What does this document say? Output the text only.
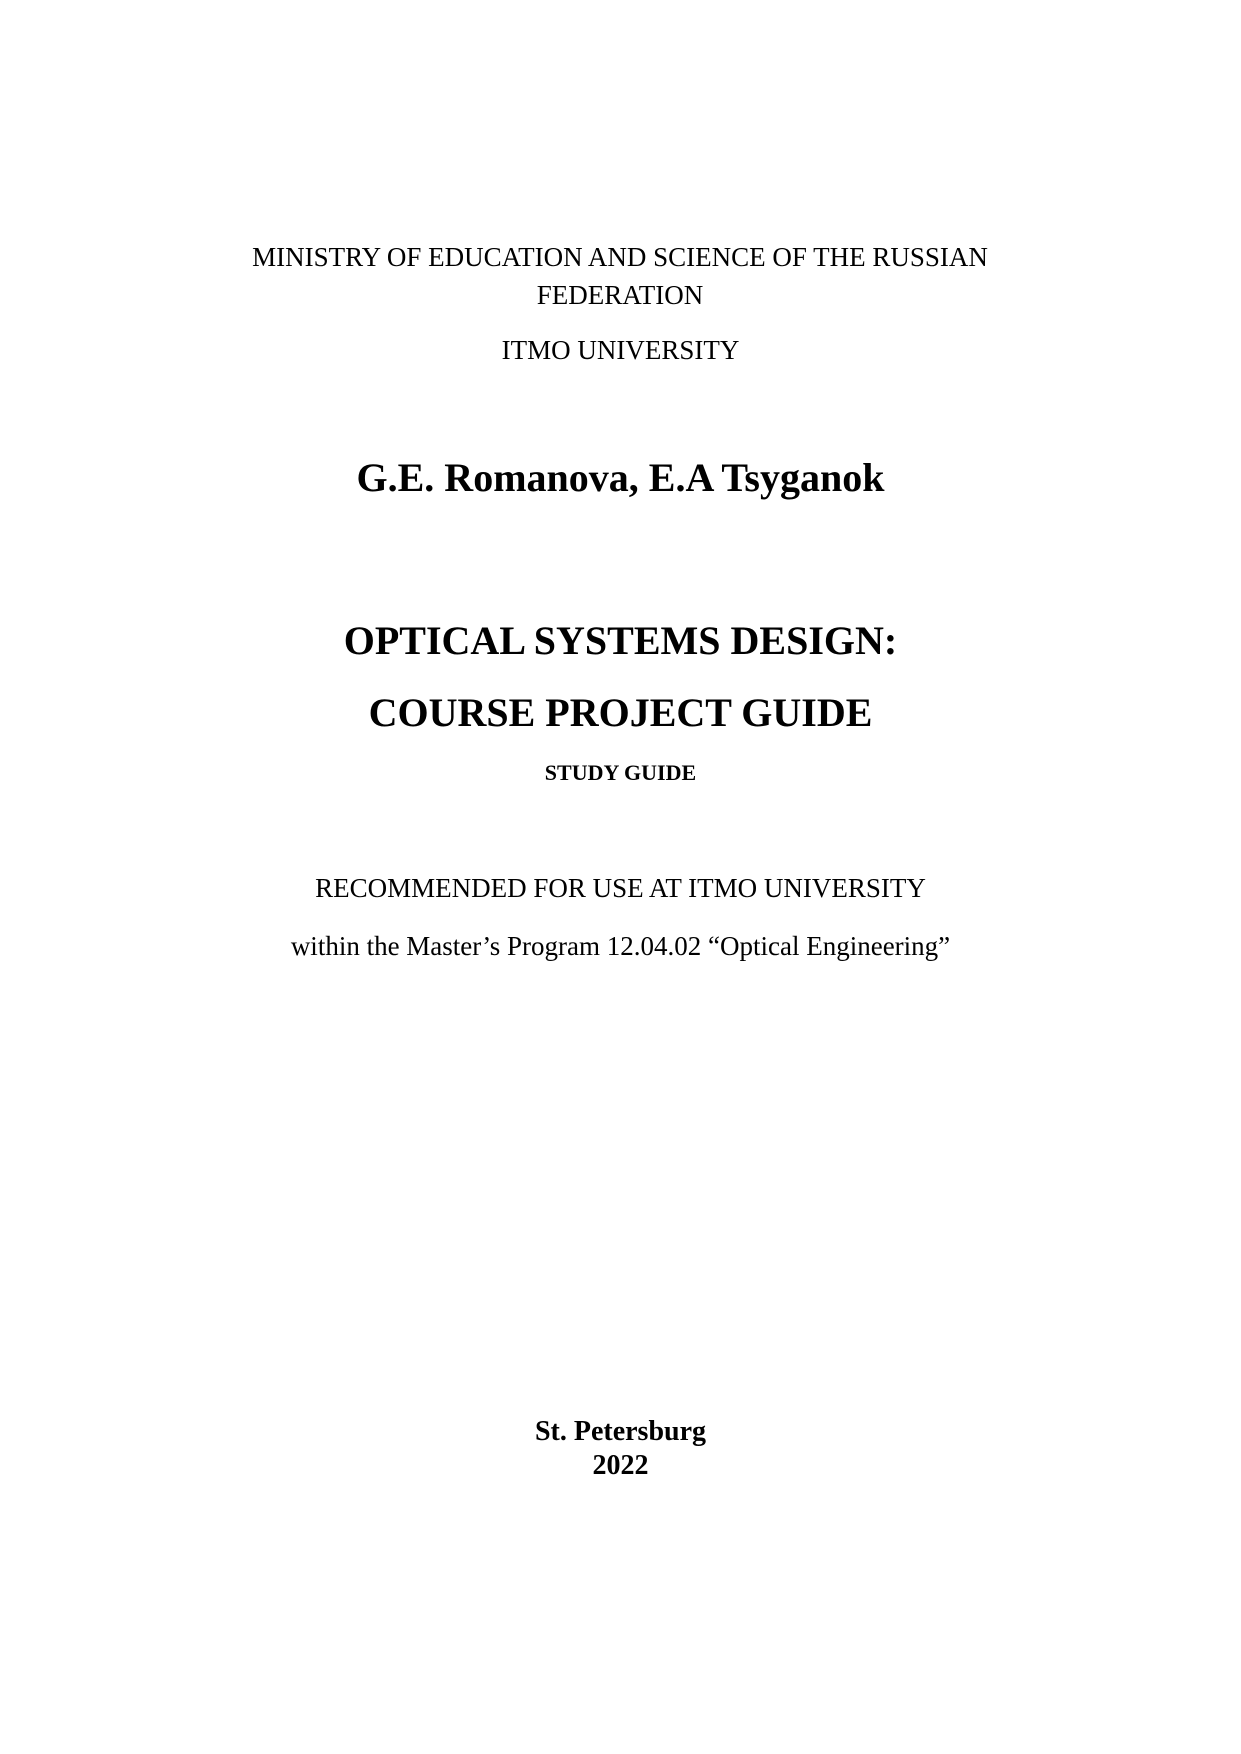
MINISTRY OF EDUCATION AND SCIENCE OF THE RUSSIAN FEDERATION
ITMO UNIVERSITY
G.E. Romanova, E.A Tsyganok
OPTICAL SYSTEMS DESIGN:
COURSE PROJECT GUIDE
STUDY GUIDE
RECOMMENDED FOR USE AT ITMO UNIVERSITY
within the Master’s Program 12.04.02 “Optical Engineering”
St. Petersburg
2022
